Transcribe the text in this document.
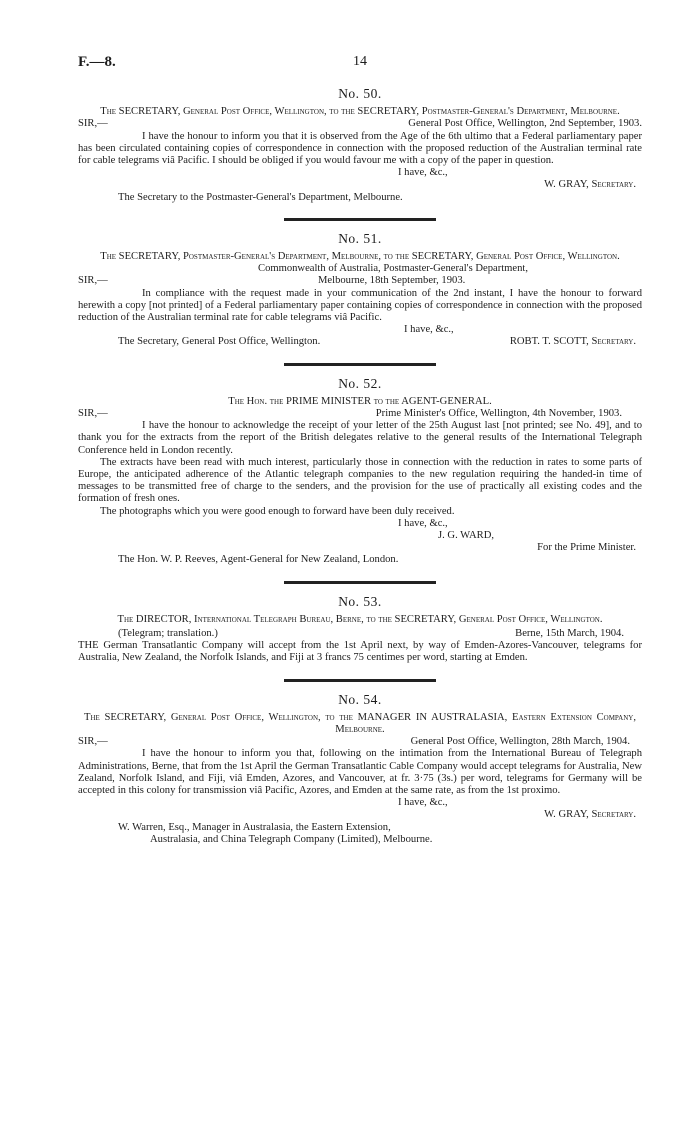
F.—8.	14
No. 50.
The SECRETARY, General Post Office, Wellington, to the SECRETARY, Postmaster-General's Department, Melbourne.
SIR,—	General Post Office, Wellington, 2nd September, 1903.
I have the honour to inform you that it is observed from the Age of the 6th ultimo that a Federal parliamentary paper has been circulated containing copies of correspondence in connection with the proposed reduction of the Australian terminal rate for cable telegrams viâ Pacific. I should be obliged if you would favour me with a copy of the paper in question.
I have, &c.,
W. GRAY, Secretary.
The Secretary to the Postmaster-General's Department, Melbourne.
No. 51.
The SECRETARY, Postmaster-General's Department, Melbourne, to the SECRETARY, General Post Office, Wellington.
Commonwealth of Australia, Postmaster-General's Department,
SIR,—	Melbourne, 18th September, 1903.
In compliance with the request made in your communication of the 2nd instant, I have the honour to forward herewith a copy [not printed] of a Federal parliamentary paper containing copies of correspondence in connection with the proposed reduction of the Australian terminal rate for cable telegrams viâ Pacific.
I have, &c.,
The Secretary, General Post Office, Wellington.	ROBT. T. SCOTT, Secretary.
No. 52.
The Hon. the PRIME MINISTER to the AGENT-GENERAL.
SIR,—	Prime Minister's Office, Wellington, 4th November, 1903.
I have the honour to acknowledge the receipt of your letter of the 25th August last [not printed; see No. 49], and to thank you for the extracts from the report of the British delegates relative to the general results of the International Telegraph Conference held in London recently.
The extracts have been read with much interest, particularly those in connection with the reduction in rates to some parts of Europe, the anticipated adherence of the Atlantic telegraph companies to the new regulation requiring the handed-in time of messages to be transmitted free of charge to the senders, and the provision for the use of practically all existing codes and the formation of fresh ones.
The photographs which you were good enough to forward have been duly received.
I have, &c.,
J. G. WARD,
For the Prime Minister.
The Hon. W. P. Reeves, Agent-General for New Zealand, London.
No. 53.
The DIRECTOR, International Telegraph Bureau, Berne, to the SECRETARY, General Post Office, Wellington.
(Telegram; translation.)	Berne, 15th March, 1904.
THE German Transatlantic Company will accept from the 1st April next, by way of Emden-Azores-Vancouver, telegrams for Australia, New Zealand, the Norfolk Islands, and Fiji at 3 francs 75 centimes per word, starting at Emden.
No. 54.
The SECRETARY, General Post Office, Wellington, to the MANAGER IN AUSTRALASIA, Eastern Extension Company, Melbourne.
SIR,—	General Post Office, Wellington, 28th March, 1904.
I have the honour to inform you that, following on the intimation from the International Bureau of Telegraph Administrations, Berne, that from the 1st April the German Transatlantic Cable Company would accept telegrams for Australia, New Zealand, Norfolk Island, and Fiji, viâ Emden, Azores, and Vancouver, at fr. 3·75 (3s.) per word, telegrams for Germany will be accepted in this colony for transmission viâ Pacific, Azores, and Emden at the same rate, as from the 1st proximo.
I have, &c.,
W. GRAY, Secretary.
W. Warren, Esq., Manager in Australasia, the Eastern Extension,
Australasia, and China Telegraph Company (Limited), Melbourne.
